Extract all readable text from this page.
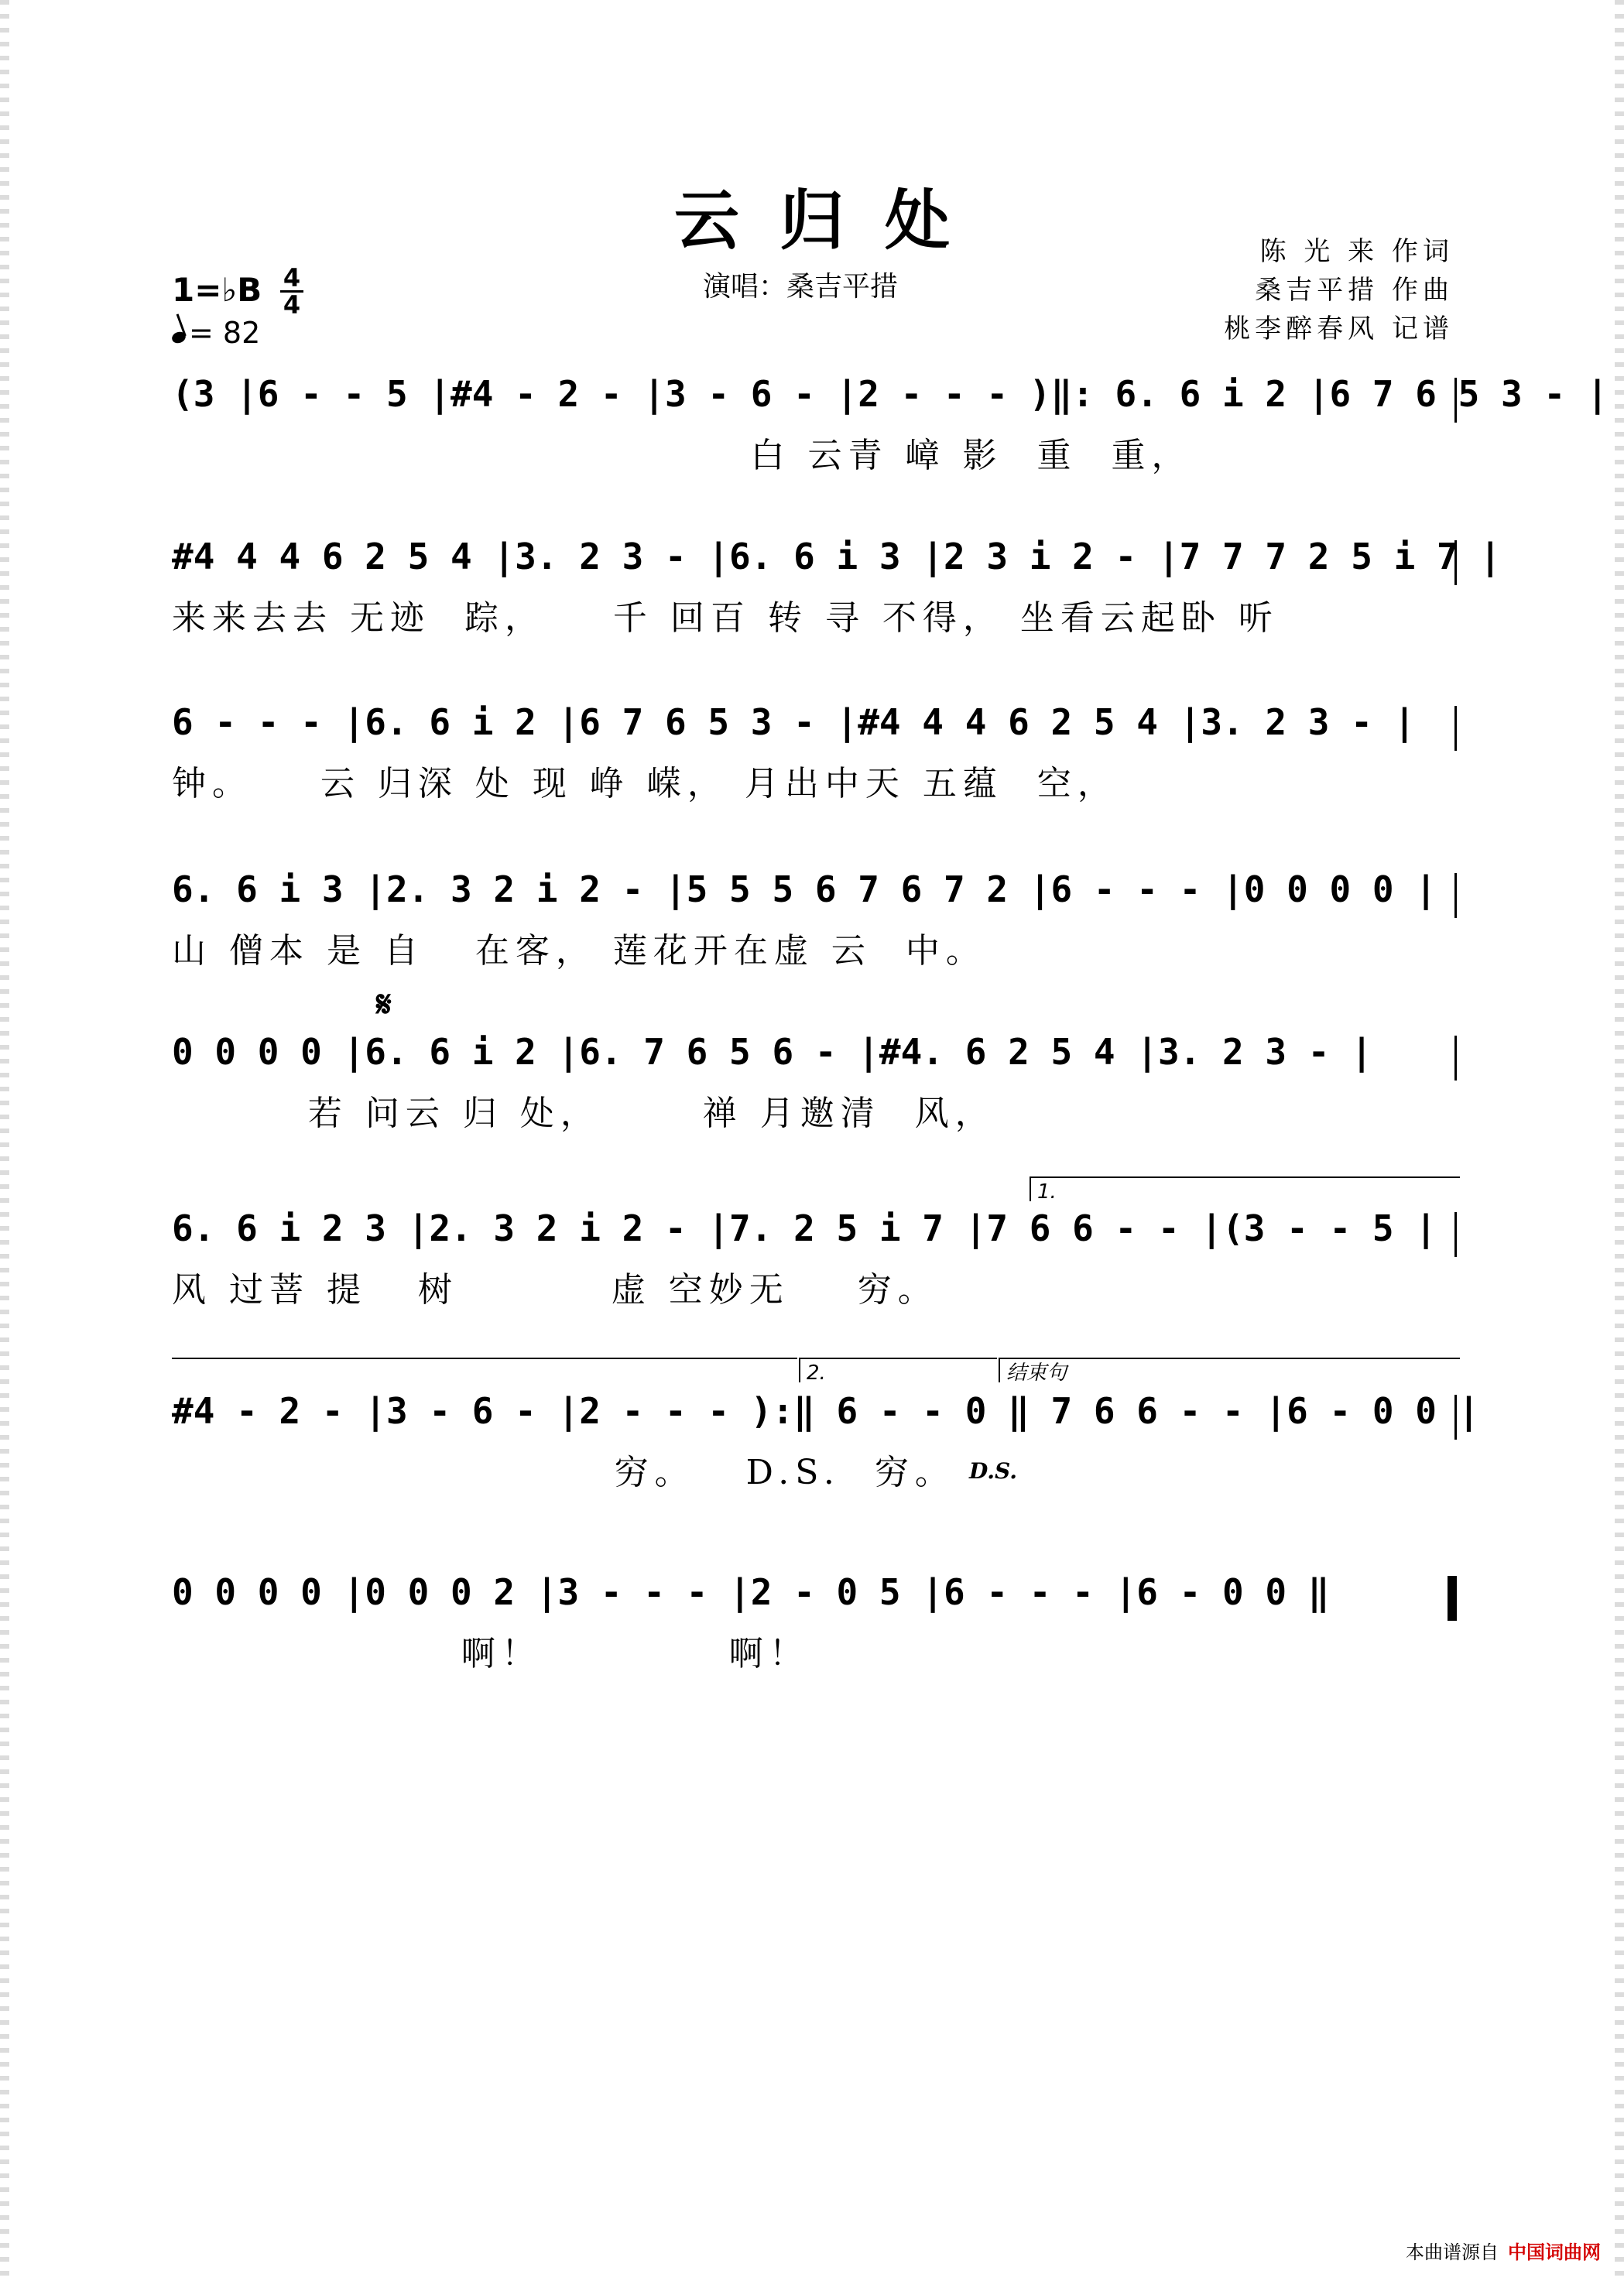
云归处
演唱：桑吉平措
陈 光 来 作词
桑吉平措 作曲
桃李醉春风 记谱
1=♭B 4
4
= 82
(3 |6 - - 5 |#4 - 2 - |3 - 6 - |2 - - - )‖: 6. 6 i 2 |6 7 6 5 3 - |
白 云青 嶂 影  重  重，
#4 4 4 6 2 5 4 |3. 2 3 - |6. 6 i 3 |2 3 i 2 - |7 7 7 2 5 i 7 |
来来去去 无迹  踪，    千 回百 转 寻 不得， 坐看云起卧 听
6 - - - |6. 6 i 2 |6 7 6 5 3 - |#4 4 4 6 2 5 4 |3. 2 3 - |
钟。    云 归深 处 现 峥 嵘， 月出中天 五蕴  空，
6. 6 i 3 |2. 3 2 i 2 - |5 5 5 6 7 6 7 2 |6 - - - |0 0 0 0 |
山 僧本 是 自   在客， 莲花开在虚 云  中。
𝄋
0 0 0 0 |6. 6 i 2 |6. 7 6 5 6 - |#4. 6 2 5 4 |3. 2 3 - |
若 问云 归 处，      禅 月邀清  风，
1.
6. 6 i 2 3 |2. 3 2 i 2 - |7. 2 5 i 7 |7 6 6 - - |(3 - - 5 |
风 过菩 提   树         虚 空妙无    穷。
2.	结束句
#4 - 2 - |3 - 6 - |2 - - - ):‖ 6 - - 0 ‖ 7 6 6 - - |6 - 0 0 |
穷。   D.S.  穷。 D.S.
0 0 0 0 |0 0 0 2 |3 - - - |2 - 0 5 |6 - - - |6 - 0 0 ‖
啊！           啊！
本曲谱源自 中国词曲网
